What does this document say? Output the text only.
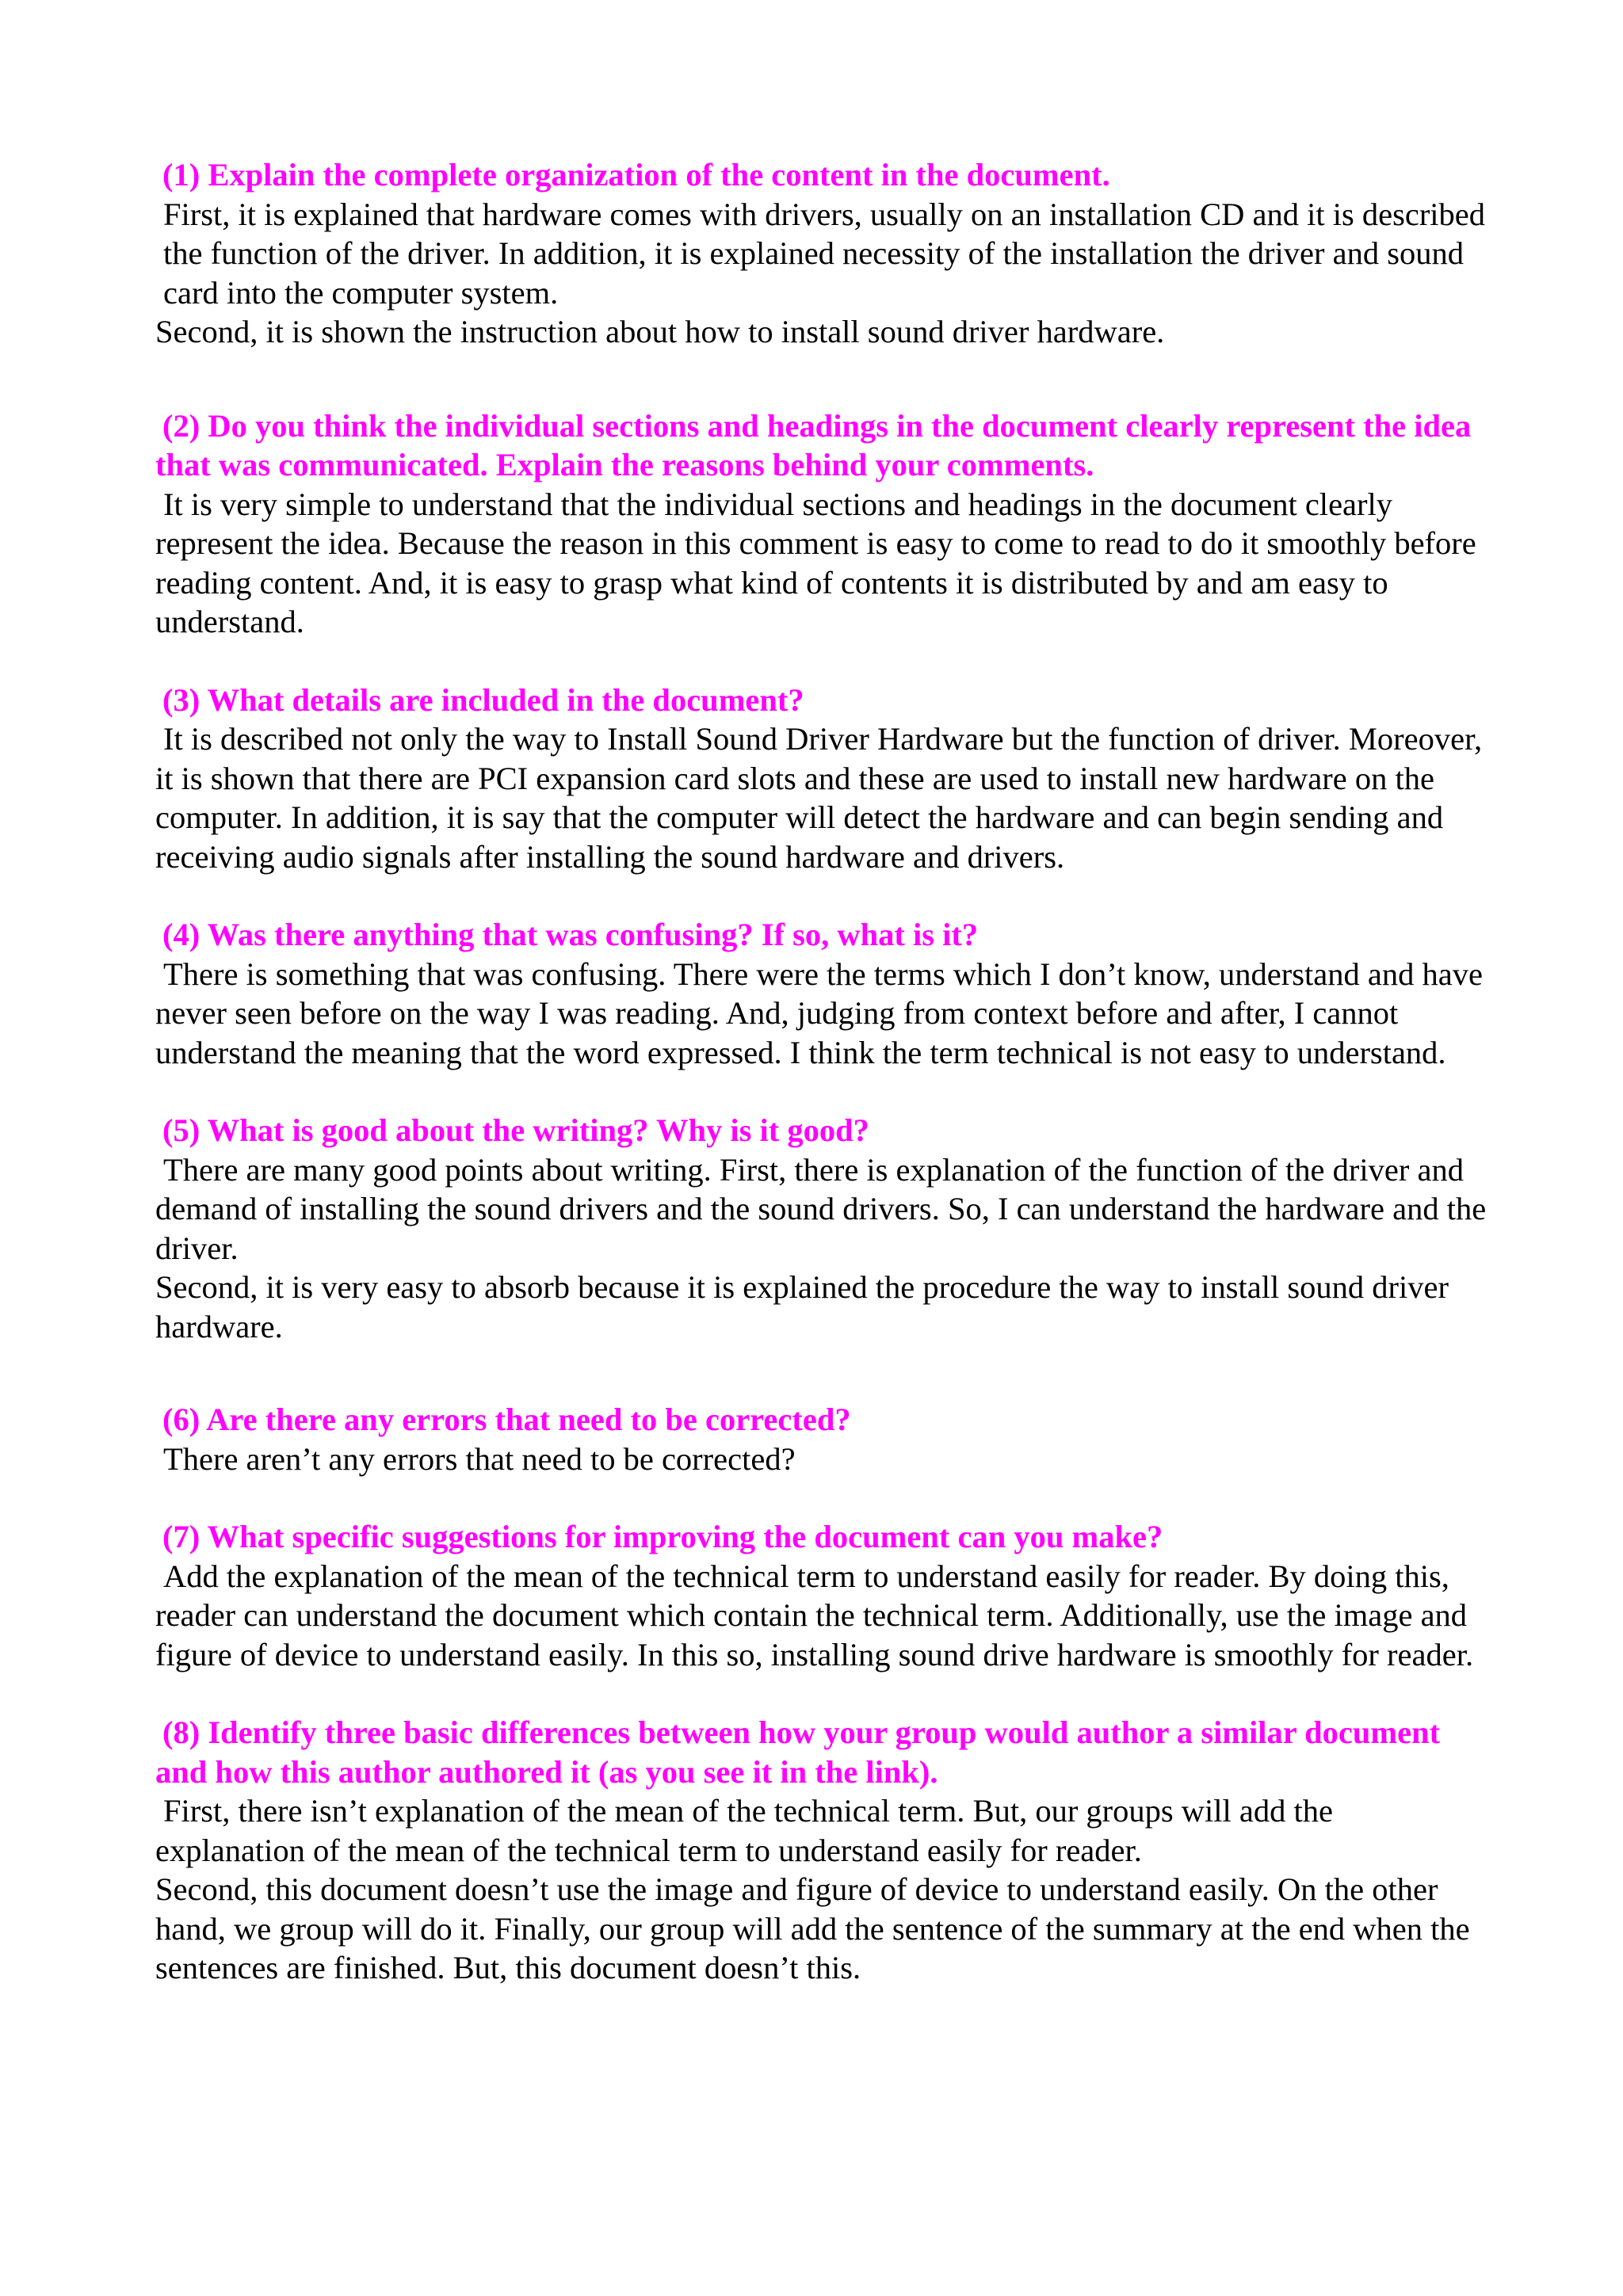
(1) Explain the complete organization of the content in the document.

First, it is explained that hardware comes with drivers, usually on an installation CD and it is described the function of the driver. In addition, it is explained necessity of the installation the driver and sound card into the computer system.

Second, it is shown the instruction about how to install sound driver hardware.

(2) Do you think the individual sections and headings in the document clearly represent the idea that was communicated. Explain the reasons behind your comments.

It is very simple to understand that the individual sections and headings in the document clearly represent the idea. Because the reason in this comment is easy to come to read to do it smoothly before reading content. And, it is easy to grasp what kind of contents it is distributed by and am easy to understand.

(3) What details are included in the document?

It is described not only the way to Install Sound Driver Hardware but the function of driver. Moreover, it is shown that there are PCI expansion card slots and these are used to install new hardware on the computer. In addition, it is say that the computer will detect the hardware and can begin sending and receiving audio signals after installing the sound hardware and drivers.

(4) Was there anything that was confusing? If so, what is it?

There is something that was confusing. There were the terms which I don’t know, understand and have never seen before on the way I was reading. And, judging from context before and after, I cannot understand the meaning that the word expressed. I think the term technical is not easy to understand.

(5) What is good about the writing? Why is it good?

There are many good points about writing. First, there is explanation of the function of the driver and demand of installing the sound drivers and the sound drivers. So, I can understand the hardware and the driver.

Second, it is very easy to absorb because it is explained the procedure the way to install sound driver hardware.

(6) Are there any errors that need to be corrected?

There aren’t any errors that need to be corrected?

(7) What specific suggestions for improving the document can you make?

Add the explanation of the mean of the technical term to understand easily for reader. By doing this, reader can understand the document which contain the technical term. Additionally, use the image and figure of device to understand easily. In this so, installing sound drive hardware is smoothly for reader.

(8) Identify three basic differences between how your group would author a similar document and how this author authored it (as you see it in the link).

First, there isn’t explanation of the mean of the technical term. But, our groups will add the explanation of the mean of the technical term to understand easily for reader.

Second, this document doesn’t use the image and figure of device to understand easily. On the other hand, we group will do it. Finally, our group will add the sentence of the summary at the end when the sentences are finished. But, this document doesn’t this.
